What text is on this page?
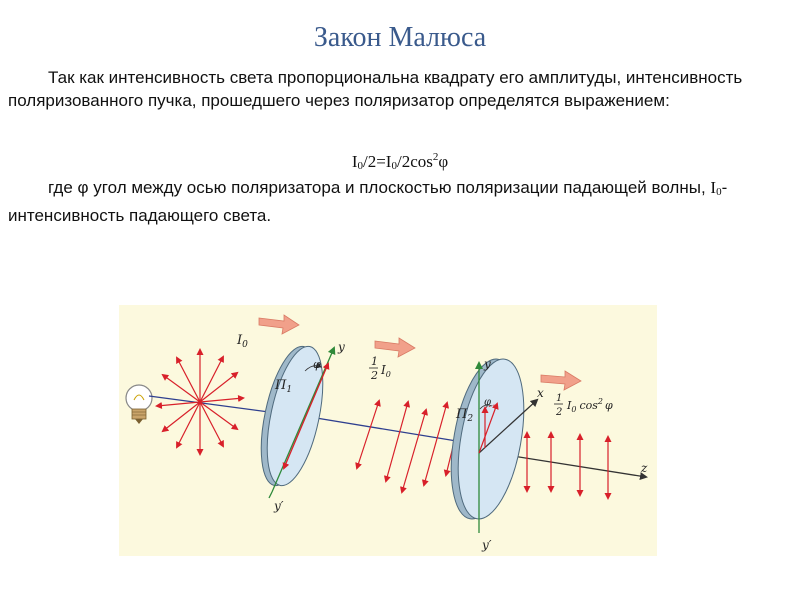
Закон Малюса

Так как интенсивность света пропорциональна квадрату его амплитуды, интенсивность поляризованного пучка, прошедшего через поляризатор определятся выражением:

$I0/2=I0/2\cos^2\varphi$

где φ угол между осью поляризатора и плоскостью поляризации падающей волны, I0- интенсивность падающего света.

$I_0$
1
2 $I_0$
z
$П_1$
y
y′
φ
$П_2$
y
y′
x
φ	1
2
$I_0$ $\cos^2 \varphi$
